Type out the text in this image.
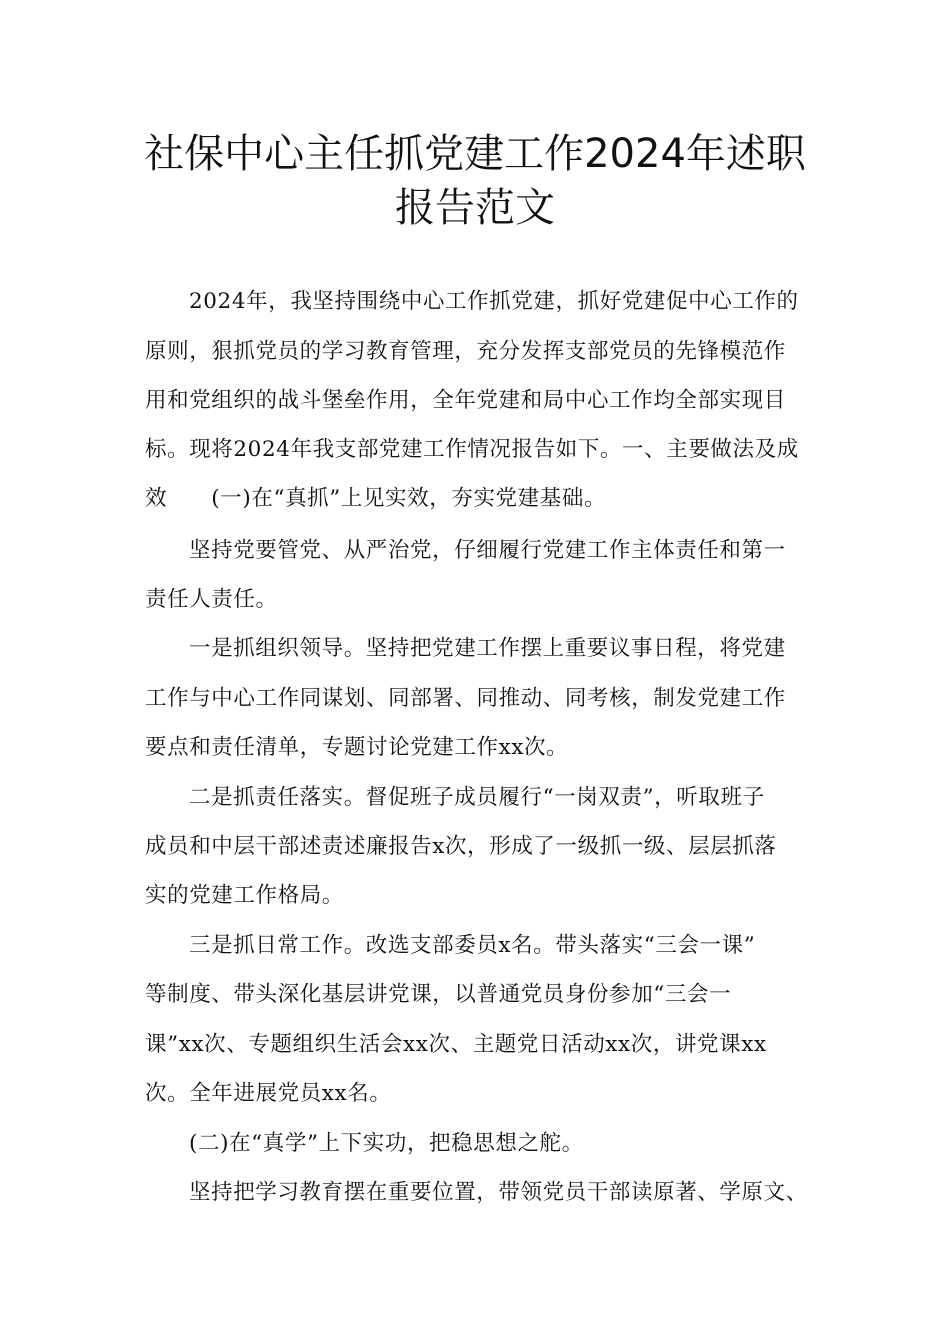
社保中心主任抓党建工作2024年述职
报告范文
2024年，我坚持围绕中心工作抓党建，抓好党建促中心工作的
原则，狠抓党员的学习教育管理，充分发挥支部党员的先锋模范作
用和党组织的战斗堡垒作用，全年党建和局中心工作均全部实现目
标。现将2024年我支部党建工作情况报告如下。一、主要做法及成
效　　(一)在“真抓”上见实效，夯实党建基础。
坚持党要管党、从严治党，仔细履行党建工作主体责任和第一
责任人责任。
一是抓组织领导。坚持把党建工作摆上重要议事日程，将党建
工作与中心工作同谋划、同部署、同推动、同考核，制发党建工作
要点和责任清单，专题讨论党建工作xx次。
二是抓责任落实。督促班子成员履行“一岗双责”，听取班子
成员和中层干部述责述廉报告x次，形成了一级抓一级、层层抓落
实的党建工作格局。
三是抓日常工作。改选支部委员x名。带头落实“三会一课”
等制度、带头深化基层讲党课，以普通党员身份参加“三会一
课”xx次、专题组织生活会xx次、主题党日活动xx次，讲党课xx
次。全年进展党员xx名。
(二)在“真学”上下实功，把稳思想之舵。
坚持把学习教育摆在重要位置，带领党员干部读原著、学原文、
